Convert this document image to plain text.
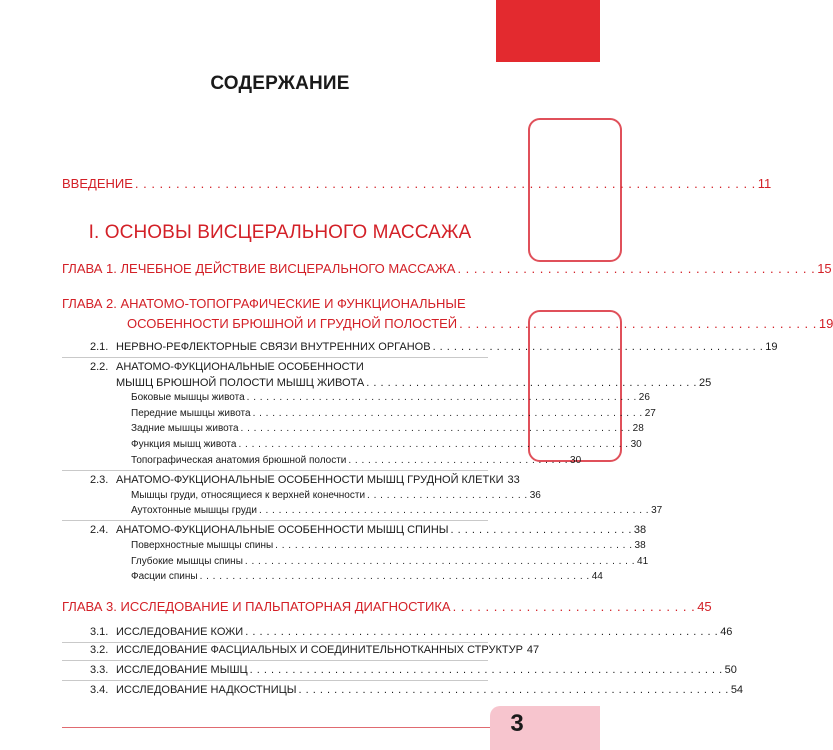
СОДЕРЖАНИЕ
ВВЕДЕНИЕ . . . . . . . . . . . . . . . . . . . . . . . . . . . . . . . . . . . . . . . . . . . . . . . . . . . . . . . . . . . . . . . . . . . . . . . . . . . . 11
I. ОСНОВЫ ВИСЦЕРАЛЬНОГО МАССАЖА
ГЛАВА 1. ЛЕЧЕБНОЕ ДЕЙСТВИЕ ВИСЦЕРАЛЬНОГО МАССАЖА . . . . . . . . . . . . . . . . . . . . . . . . . . . . . . . . . . . . . . . . . . . . 15
ГЛАВА 2. АНАТОМО-ТОПОГРАФИЧЕСКИЕ И ФУНКЦИОНАЛЬНЫЕ
ОСОБЕННОСТИ БРЮШНОЙ И ГРУДНОЙ ПОЛОСТЕЙ . . . . . . . . . . . . . . . . . . . . . . . . . . . . . . . . . . . . . . . . . . . . 19
2.1. НЕРВНО-РЕФЛЕКТОРНЫЕ СВЯЗИ ВНУТРЕННИХ ОРГАНОВ . . . . . . . . . . . . . . . . . . . . . . . . . . . . . . . . . . . . . . . . . . . . . . . 19
2.2. АНАТОМО-ФУКЦИОНАЛЬНЫЕ ОСОБЕННОСТИ
МЫШЦ БРЮШНОЙ ПОЛОСТИ МЫШЦ ЖИВОТА . . . . . . . . . . . . . . . . . . . . . . . . . . . . . . . . . . . . . . . . . . . . . . . 25
Боковые мышцы живота . . . . . . . . . . . . . . . . . . . . . . . . . . . . . . . . . . . . . . . . . . . . . . . . . . . . . . . . . . . . 26
Передние мышцы живота . . . . . . . . . . . . . . . . . . . . . . . . . . . . . . . . . . . . . . . . . . . . . . . . . . . . . . . . . . . . 27
Задние мышцы живота . . . . . . . . . . . . . . . . . . . . . . . . . . . . . . . . . . . . . . . . . . . . . . . . . . . . . . . . . . . . 28
Функция мышц живота . . . . . . . . . . . . . . . . . . . . . . . . . . . . . . . . . . . . . . . . . . . . . . . . . . . . . . . . . . . . 30
Топографическая анатомия брюшной полости . . . . . . . . . . . . . . . . . . . . . . . . . . . . . . . . . . 30
2.3. АНАТОМО-ФУКЦИОНАЛЬНЫЕ ОСОБЕННОСТИ МЫШЦ ГРУДНОЙ КЛЕТКИ 33
Мышцы груди, относящиеся к верхней конечности . . . . . . . . . . . . . . . . . . . . . . . . . 36
Аутохтонные мышцы груди . . . . . . . . . . . . . . . . . . . . . . . . . . . . . . . . . . . . . . . . . . . . . . . . . . . . . . . . . . . . 37
2.4. АНАТОМО-ФУКЦИОНАЛЬНЫЕ ОСОБЕННОСТИ МЫШЦ СПИНЫ . . . . . . . . . . . . . . . . . . . . . . . . . . 38
Поверхностные мышцы спины . . . . . . . . . . . . . . . . . . . . . . . . . . . . . . . . . . . . . . . . . . . . . . . . . . . . . . . 38
Глубокие мышцы спины . . . . . . . . . . . . . . . . . . . . . . . . . . . . . . . . . . . . . . . . . . . . . . . . . . . . . . . . . . . . 41
Фасции спины . . . . . . . . . . . . . . . . . . . . . . . . . . . . . . . . . . . . . . . . . . . . . . . . . . . . . . . . . . . . 44
ГЛАВА 3. ИССЛЕДОВАНИЕ И ПАЛЬПАТОРНАЯ ДИАГНОСТИКА . . . . . . . . . . . . . . . . . . . . . . . . . . . . . . 45
3.1. ИССЛЕДОВАНИЕ КОЖИ . . . . . . . . . . . . . . . . . . . . . . . . . . . . . . . . . . . . . . . . . . . . . . . . . . . . . . . . . . . . . . . . . . . 46
3.2. ИССЛЕДОВАНИЕ ФАСЦИАЛЬНЫХ И СОЕДИНИТЕЛЬНОТКАННЫХ СТРУКТУР 47
3.3. ИССЛЕДОВАНИЕ МЫШЦ . . . . . . . . . . . . . . . . . . . . . . . . . . . . . . . . . . . . . . . . . . . . . . . . . . . . . . . . . . . . . . . . . . . 50
3.4. ИССЛЕДОВАНИЕ НАДКОСТНИЦЫ . . . . . . . . . . . . . . . . . . . . . . . . . . . . . . . . . . . . . . . . . . . . . . . . . . . . . . . . . . . . . 54
3
